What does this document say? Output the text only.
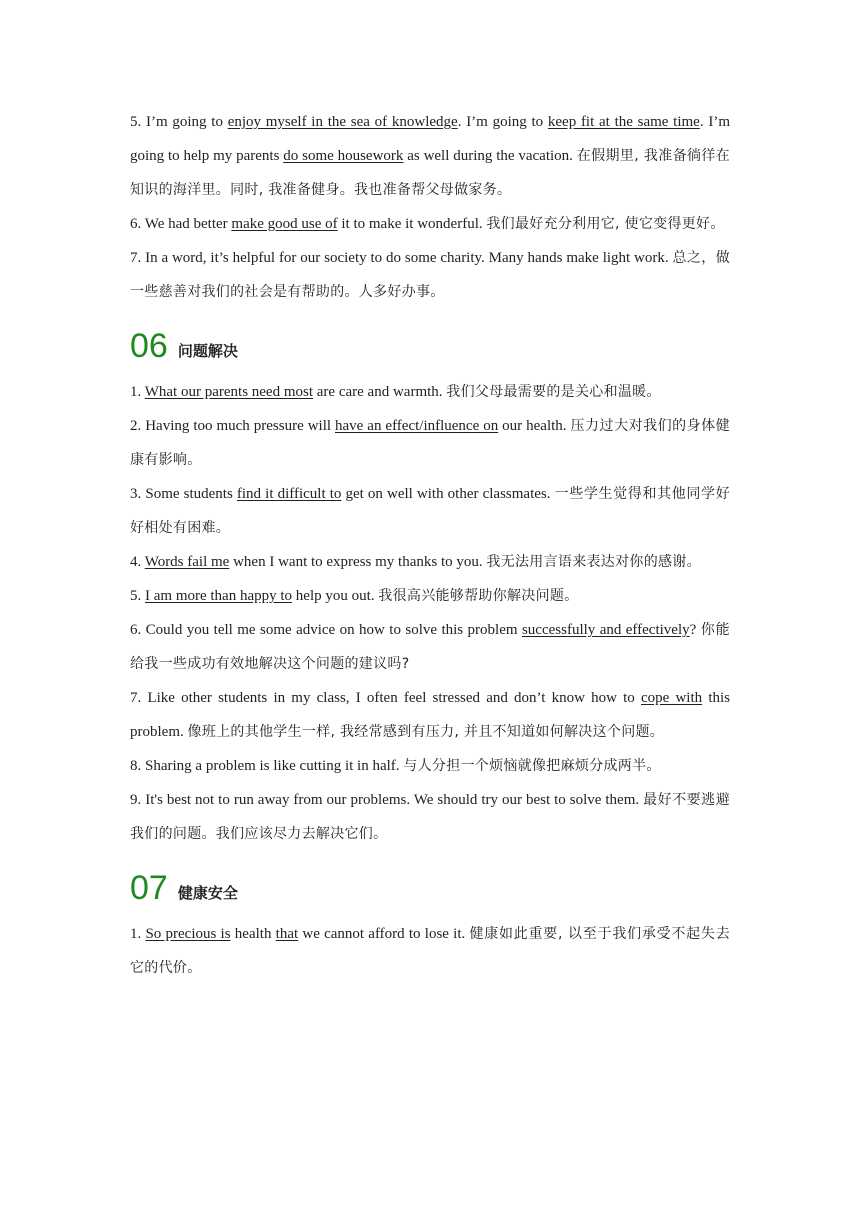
5. I’m going to enjoy myself in the sea of knowledge. I’m going to keep fit at the same time. I’m going to help my parents do some housework as well during the vacation. 在假期里, 我准备徜徉在知识的海洋里。同时, 我准备健身。我也准备帮父母做家务。

6. We had better make good use of it to make it wonderful. 我们最好充分利用它, 使它变得更好。

7. In a word, it’s helpful for our society to do some charity. Many hands make light work. 总之，做一些慈善对我们的社会是有帮助的。人多好办事。

06 问题解决

1. What our parents need most are care and warmth. 我们父母最需要的是关心和温暖。

2. Having too much pressure will have an effect/influence on our health. 压力过大对我们的身体健康有影响。

3. Some students find it difficult to get on well with other classmates. 一些学生觉得和其他同学好好相处有困难。

4. Words fail me when I want to express my thanks to you. 我无法用言语来表达对你的感谢。

5. I am more than happy to help you out. 我很高兴能够帮助你解决问题。

6. Could you tell me some advice on how to solve this problem successfully and effectively? 你能给我一些成功有效地解决这个问题的建议吗?

7. Like other students in my class, I often feel stressed and don’t know how to cope with this problem. 像班上的其他学生一样, 我经常感到有压力, 并且不知道如何解决这个问题。

8. Sharing a problem is like cutting it in half. 与人分担一个烦恼就像把麻烦分成两半。

9. It's best not to run away from our problems. We should try our best to solve them. 最好不要逃避我们的问题。我们应该尽力去解决它们。

07 健康安全

1. So precious is health that we cannot afford to lose it. 健康如此重要, 以至于我们承受不起失去它的代价。
